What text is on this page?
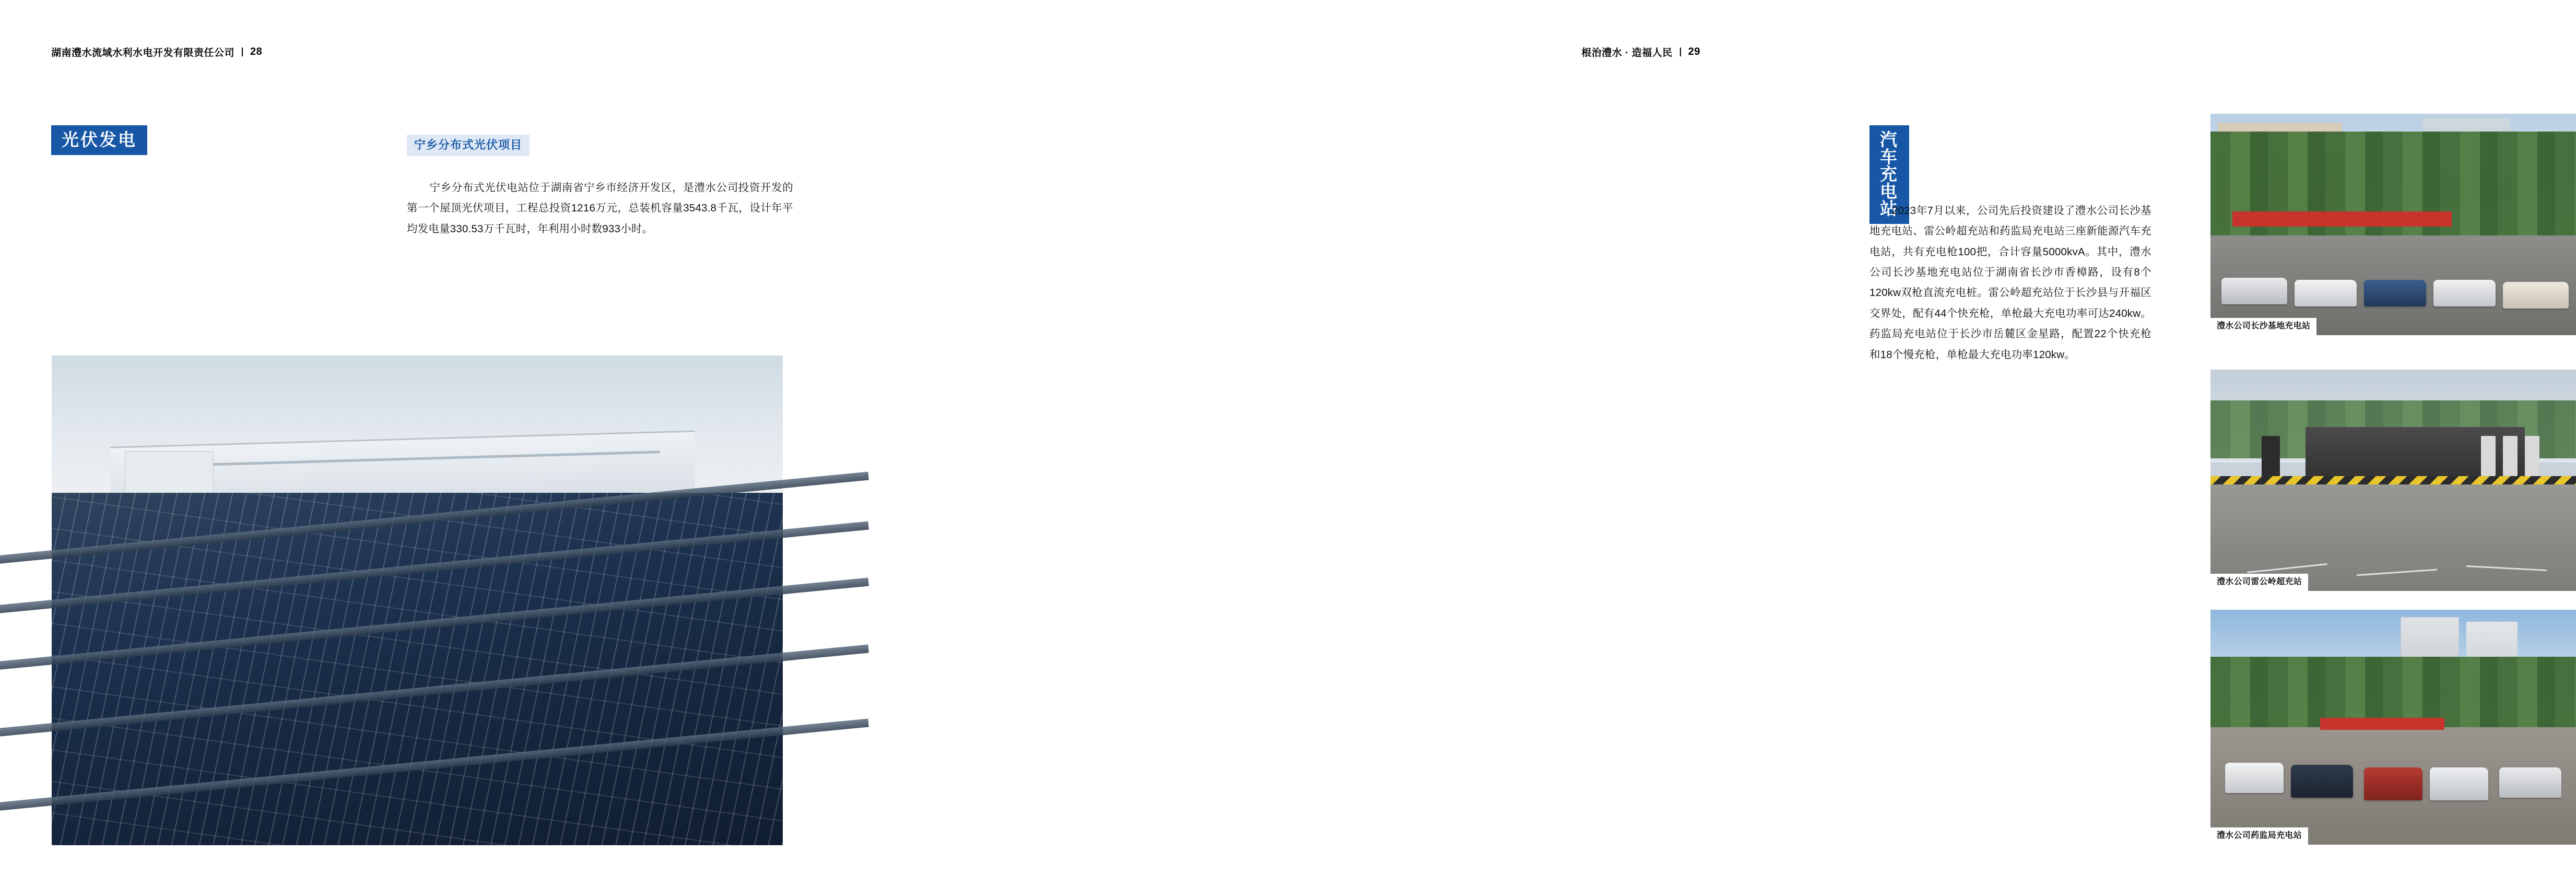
湖南澧水流域水利水电开发有限责任公司 28
光伏发电	宁乡分布式光伏项目
宁乡分布式光伏电站位于湖南省宁乡市经济开发区，是澧水公司投资开发的第一个屋顶光伏项目，工程总投资1216万元，总装机容量3543.8千瓦，设计年平均发电量330.53万千瓦时，年利用小时数933小时。
根治澧水 · 造福人民 29
汽车充电站
2023年7月以来，公司先后投资建设了澧水公司长沙基地充电站、雷公岭超充站和药监局充电站三座新能源汽车充电站，共有充电枪100把，合计容量5000kvA。其中，澧水公司长沙基地充电站位于湖南省长沙市香樟路，设有8个120kw双枪直流充电桩。雷公岭超充站位于长沙县与开福区交界处，配有44个快充枪，单枪最大充电功率可达240kw。药监局充电站位于长沙市岳麓区金星路，配置22个快充枪和18个慢充枪，单枪最大充电功率120kw。
澧水公司长沙基地充电站
澧水公司雷公岭超充站
澧水公司药监局充电站
